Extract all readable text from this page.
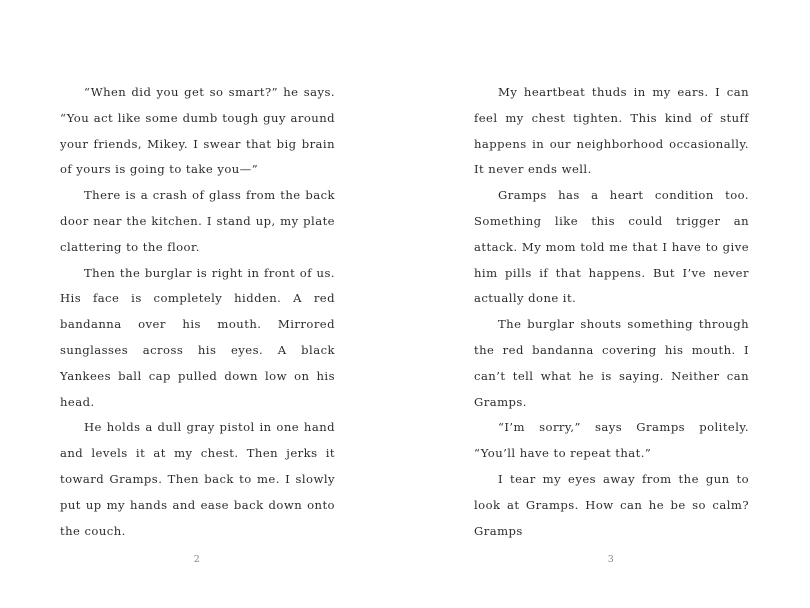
“When did you get so smart?” he says. “You act like some dumb tough guy around your friends, Mikey. I swear that big brain of yours is going to take you—”

There is a crash of glass from the back door near the kitchen. I stand up, my plate clattering to the floor.

Then the burglar is right in front of us. His face is completely hidden. A red bandanna over his mouth. Mirrored sunglasses across his eyes. A black Yankees ball cap pulled down low on his head.

He holds a dull gray pistol in one hand and levels it at my chest. Then jerks it toward Gramps. Then back to me. I slowly put up my hands and ease back down onto the couch.

My heartbeat thuds in my ears. I can feel my chest tighten. This kind of stuff happens in our neighborhood occasionally. It never ends well.

Gramps has a heart condition too. Something like this could trigger an attack. My mom told me that I have to give him pills if that happens. But I’ve never actually done it.

The burglar shouts something through the red bandanna covering his mouth. I can’t tell what he is saying. Neither can Gramps.

“I’m sorry,” says Gramps politely. “You’ll have to repeat that.”

I tear my eyes away from the gun to look at Gramps. How can he be so calm? Gramps

2	3
